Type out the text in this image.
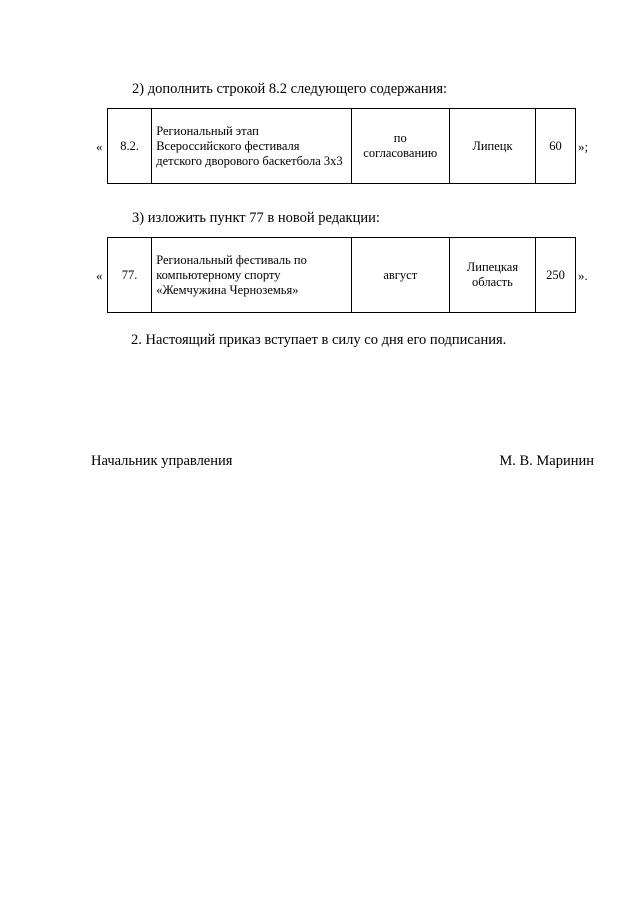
2) дополнить строкой 8.2 следующего содержания:
« 8.2.	Региональный этап Всероссийского фестиваля детского дворового баскетбола 3х3	по согласованию	Липецк	60 »;
3) изложить пункт 77 в новой редакции:
« 77.	Региональный фестиваль по компьютерному спорту «Жемчужина Черноземья»	август	Липецкая область	250 ».
2. Настоящий приказ вступает в силу со дня его подписания.
Начальник управления	М. В. Маринин
